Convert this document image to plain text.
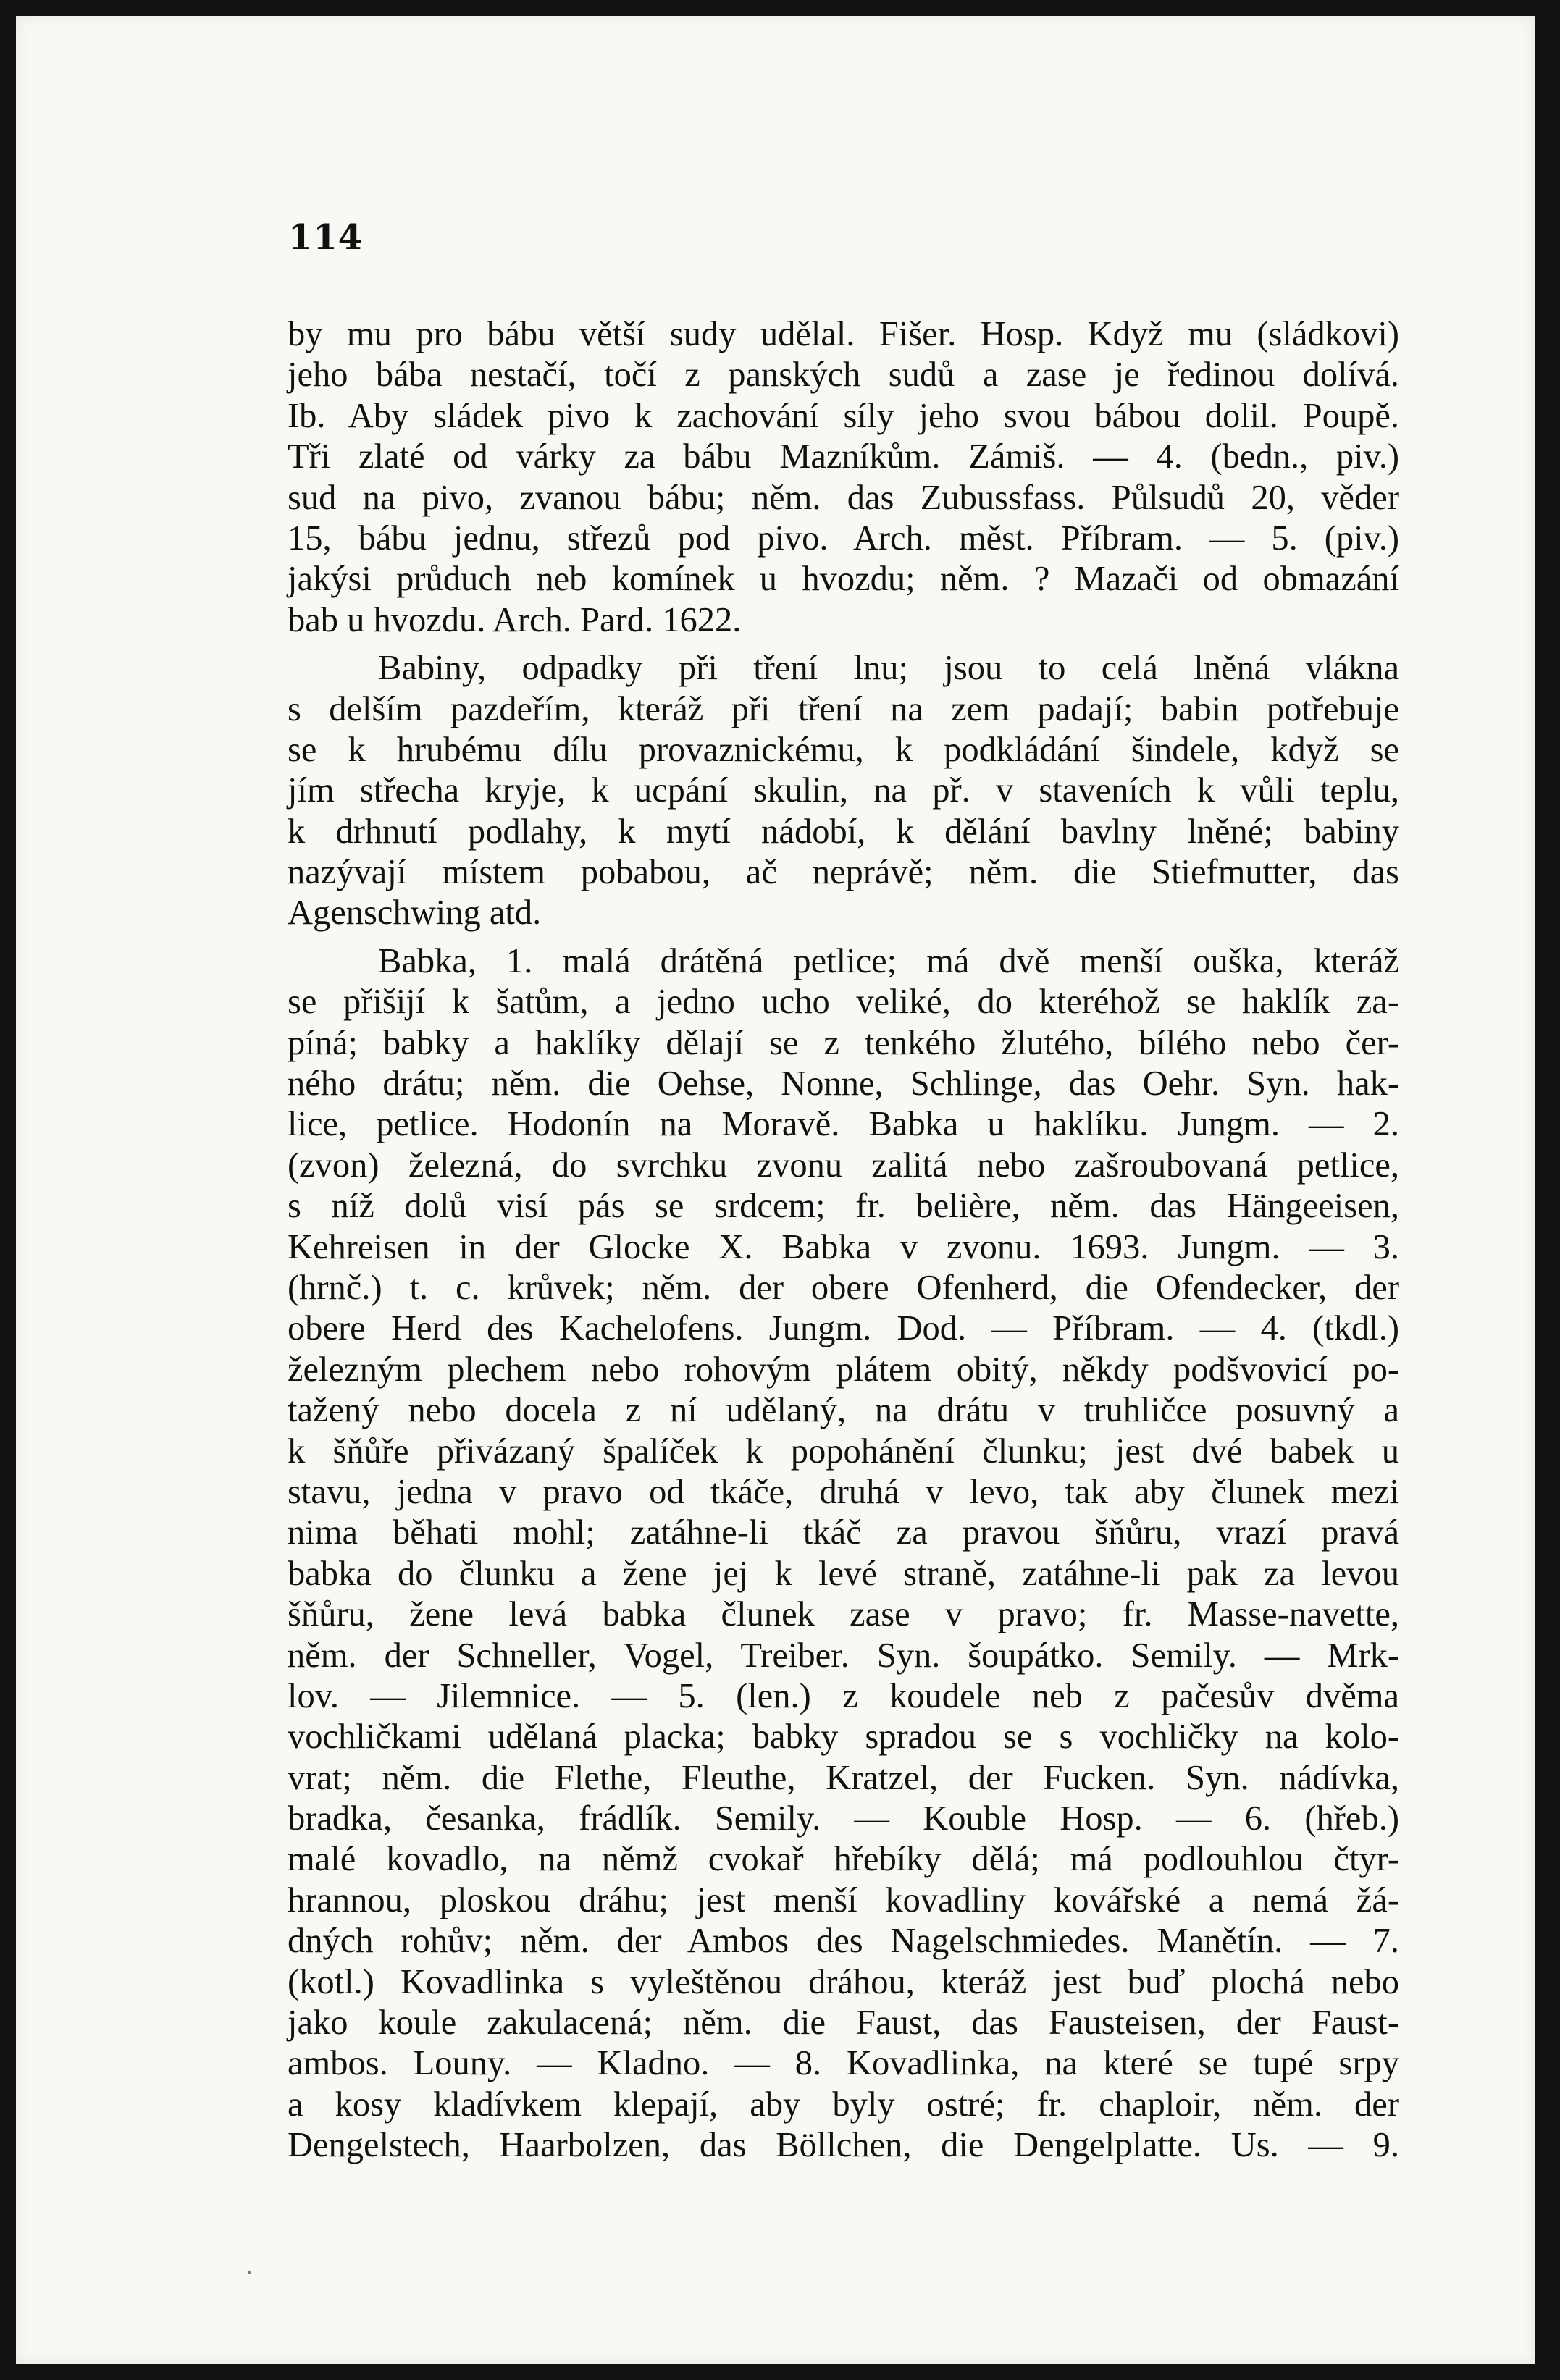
114
by mu pro bábu větší sudy udělal. Fišer. Hosp. Když mu (sládkovi)
jeho bába nestačí, točí z panských sudů a zase je ředinou dolívá.
Ib. Aby sládek pivo k zachování síly jeho svou bábou dolil. Poupě.
Tři zlaté od várky za bábu Mazníkům. Zámiš. — 4. (bedn., piv.)
sud na pivo, zvanou bábu; něm. das Zubussfass. Půlsudů 20, věder
15, bábu jednu, střezů pod pivo. Arch. měst. Příbram. — 5. (piv.)
jakýsi průduch neb komínek u hvozdu; něm. ? Mazači od obmazání
bab u hvozdu. Arch. Pard. 1622.
Babiny, odpadky při tření lnu; jsou to celá lněná vlákna
s delším pazdeřím, kteráž při tření na zem padají; babin potřebuje
se k hrubému dílu provaznickému, k podkládání šindele, když se
jím střecha kryje, k ucpání skulin, na př. v staveních k vůli teplu,
k drhnutí podlahy, k mytí nádobí, k dělání bavlny lněné; babiny
nazývají místem pobabou, ač neprávě; něm. die Stiefmutter, das
Agenschwing atd.
Babka, 1. malá drátěná petlice; má dvě menší ouška, kteráž
se přišijí k šatům, a jedno ucho veliké, do kteréhož se haklík za-
píná; babky a haklíky dělají se z tenkého žlutého, bílého nebo čer-
ného drátu; něm. die Oehse, Nonne, Schlinge, das Oehr. Syn. hak-
lice, petlice. Hodonín na Moravě. Babka u haklíku. Jungm. — 2.
(zvon) železná, do svrchku zvonu zalitá nebo zašroubovaná petlice,
s níž dolů visí pás se srdcem; fr. belière, něm. das Hängeeisen,
Kehreisen in der Glocke X. Babka v zvonu. 1693. Jungm. — 3.
(hrnč.) t. c. krůvek; něm. der obere Ofenherd, die Ofendecker, der
obere Herd des Kachelofens. Jungm. Dod. — Příbram. — 4. (tkdl.)
železným plechem nebo rohovým plátem obitý, někdy podšvovicí po-
tažený nebo docela z ní udělaný, na drátu v truhličce posuvný a
k šňůře přivázaný špalíček k popohánění člunku; jest dvé babek u
stavu, jedna v pravo od tkáče, druhá v levo, tak aby člunek mezi
nima běhati mohl; zatáhne-li tkáč za pravou šňůru, vrazí pravá
babka do člunku a žene jej k levé straně, zatáhne-li pak za levou
šňůru, žene levá babka člunek zase v pravo; fr. Masse-navette,
něm. der Schneller, Vogel, Treiber. Syn. šoupátko. Semily. — Mrk-
lov. — Jilemnice. — 5. (len.) z koudele neb z pačesův dvěma
vochličkami udělaná placka; babky spradou se s vochličky na kolo-
vrat; něm. die Flethe, Fleuthe, Kratzel, der Fucken. Syn. nádívka,
bradka, česanka, frádlík. Semily. — Kouble Hosp. — 6. (hřeb.)
malé kovadlo, na němž cvokař hřebíky dělá; má podlouhlou čtyr-
hrannou, ploskou dráhu; jest menší kovadliny kovářské a nemá žá-
dných rohův; něm. der Ambos des Nagelschmiedes. Manětín. — 7.
(kotl.) Kovadlinka s vyleštěnou dráhou, kteráž jest buď plochá nebo
jako koule zakulacená; něm. die Faust, das Fausteisen, der Faust-
ambos. Louny. — Kladno. — 8. Kovadlinka, na které se tupé srpy
a kosy kladívkem klepají, aby byly ostré; fr. chaploir, něm. der
Dengelstech, Haarbolzen, das Böllchen, die Dengelplatte. Us. — 9.
·
